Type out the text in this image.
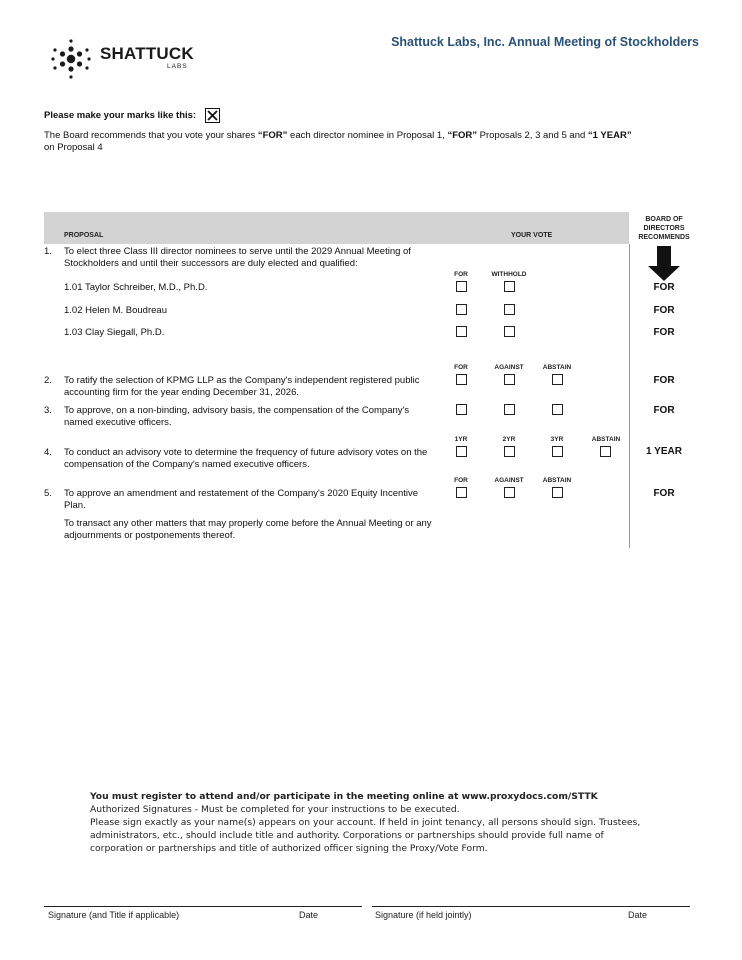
SHATTUCK
LABS
Shattuck Labs, Inc. Annual Meeting of Stockholders
Please make your marks like this:
The Board recommends that you vote your shares “FOR” each director nominee in Proposal 1, “FOR” Proposals 2, 3 and 5 and “1 YEAR”
on Proposal 4
PROPOSAL	YOUR VOTE
BOARD OF
DIRECTORS
RECOMMENDS
1. To elect three Class III director nominees to serve until the 2029 Annual Meeting of Stockholders and until their successors are duly elected and qualified:
FOR	WITHHOLD
1.01 Taylor Schreiber, M.D., Ph.D.	FOR
1.02 Helen M. Boudreau	FOR
1.03 Clay Siegall, Ph.D.	FOR
FOR	AGAINST	ABSTAIN
2. To ratify the selection of KPMG LLP as the Company's independent registered public accounting firm for the year ending December 31, 2026.
FOR
3. To approve, on a non-binding, advisory basis, the compensation of the Company's named executive officers.
FOR
1YR	2YR	3YR	ABSTAIN
4. To conduct an advisory vote to determine the frequency of future advisory votes on the compensation of the Company's named executive officers.
1 YEAR
FOR	AGAINST	ABSTAIN
5. To approve an amendment and restatement of the Company's 2020 Equity Incentive Plan.
FOR
To transact any other matters that may properly come before the Annual Meeting or any adjournments or postponements thereof.
You must register to attend and/or participate in the meeting online at www.proxydocs.com/STTK
Authorized Signatures - Must be completed for your instructions to be executed.
Please sign exactly as your name(s) appears on your account. If held in joint tenancy, all persons should sign. Trustees, administrators, etc., should include title and authority. Corporations or partnerships should provide full name of corporation or partnerships and title of authorized officer signing the Proxy/Vote Form.
Signature (and Title if applicable)	Date	Signature (if held jointly)	Date
